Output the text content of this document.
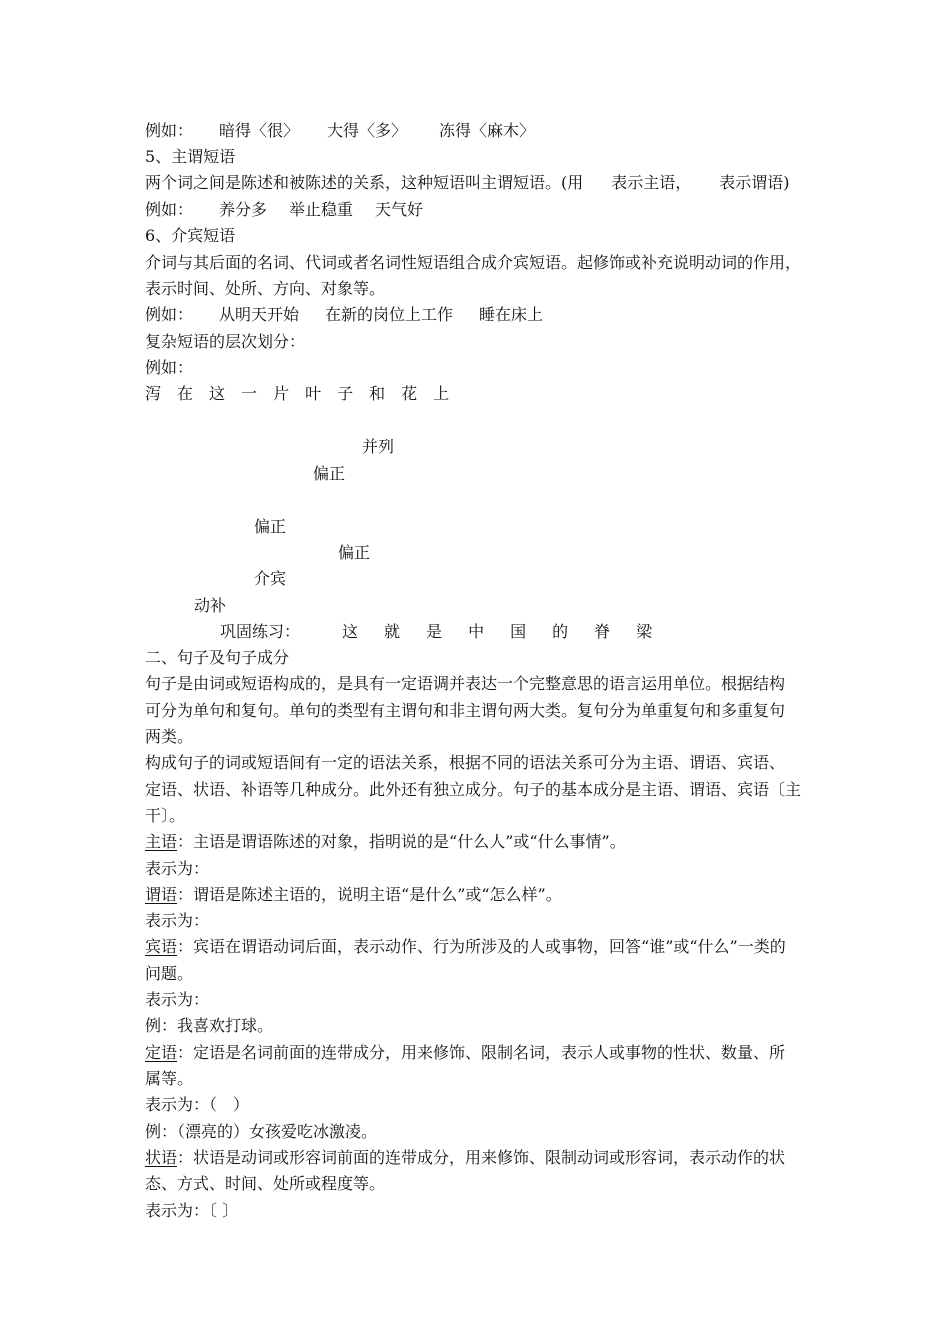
例如： 暗得〈很〉 大得〈多〉 冻得〈麻木〉
5、主谓短语
两个词之间是陈述和被陈述的关系，这种短语叫主谓短语。(用 表示主语， 表示谓语)
例如： 养分多 举止稳重 天气好
6、介宾短语
介词与其后面的名词、代词或者名词性短语组合成介宾短语。起修饰或补充说明动词的作用，
表示时间、处所、方向、对象等。
例如： 从明天开始 在新的岗位上工作 睡在床上
复杂短语的层次划分：
例如：
泻 在 这 一 片 叶 子 和 花 上
并列
偏正
偏正
偏正
介宾
动补
巩固练习：	这 就 是 中 国 的 脊 梁
二、句子及句子成分
句子是由词或短语构成的，是具有一定语调并表达一个完整意思的语言运用单位。根据结构
可分为单句和复句。单句的类型有主谓句和非主谓句两大类。复句分为单重复句和多重复句
两类。
构成句子的词或短语间有一定的语法关系，根据不同的语法关系可分为主语、谓语、宾语、
定语、状语、补语等几种成分。此外还有独立成分。句子的基本成分是主语、谓语、宾语〔主
干〕。
主语：主语是谓语陈述的对象，指明说的是“什么人”或“什么事情”。
表示为：
谓语：谓语是陈述主语的，说明主语“是什么”或“怎么样”。
表示为：
宾语：宾语在谓语动词后面，表示动作、行为所涉及的人或事物，回答“谁”或“什么”一类的
问题。
表示为：
例：我喜欢打球。
定语：定语是名词前面的连带成分，用来修饰、限制名词，表示人或事物的性状、数量、所
属等。
表示为：（　）
例：（漂亮的）女孩爱吃冰激凌。
状语：状语是动词或形容词前面的连带成分，用来修饰、限制动词或形容词，表示动作的状
态、方式、时间、处所或程度等。
表示为：〔 〕
